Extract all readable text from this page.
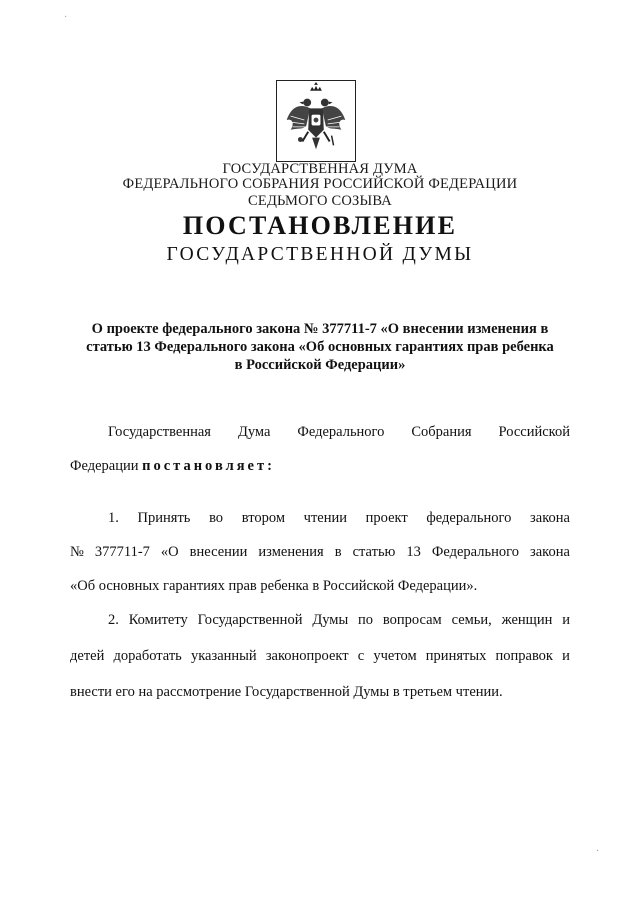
ГОСУДАРСТВЕННАЯ ДУМА
ФЕДЕРАЛЬНОГО СОБРАНИЯ РОССИЙСКОЙ ФЕДЕРАЦИИ
СЕДЬМОГО СОЗЫВА
ПОСТАНОВЛЕНИЕ
ГОСУДАРСТВЕННОЙ ДУМЫ
О проекте федерального закона № 377711-7 «О внесении изменения в
статью 13 Федерального закона «Об основных гарантиях прав ребенка
в Российской Федерации»
Государственная Дума Федерального Собрания Российской
Федерации постановляет:
1. Принять во втором чтении проект федерального закона
№ 377711-7 «О внесении изменения в статью 13 Федерального закона
«Об основных гарантиях прав ребенка в Российской Федерации».
2. Комитету Государственной Думы по вопросам семьи, женщин и
детей доработать указанный законопроект с учетом принятых поправок и
внести его на рассмотрение Государственной Думы в третьем чтении.
·
·
